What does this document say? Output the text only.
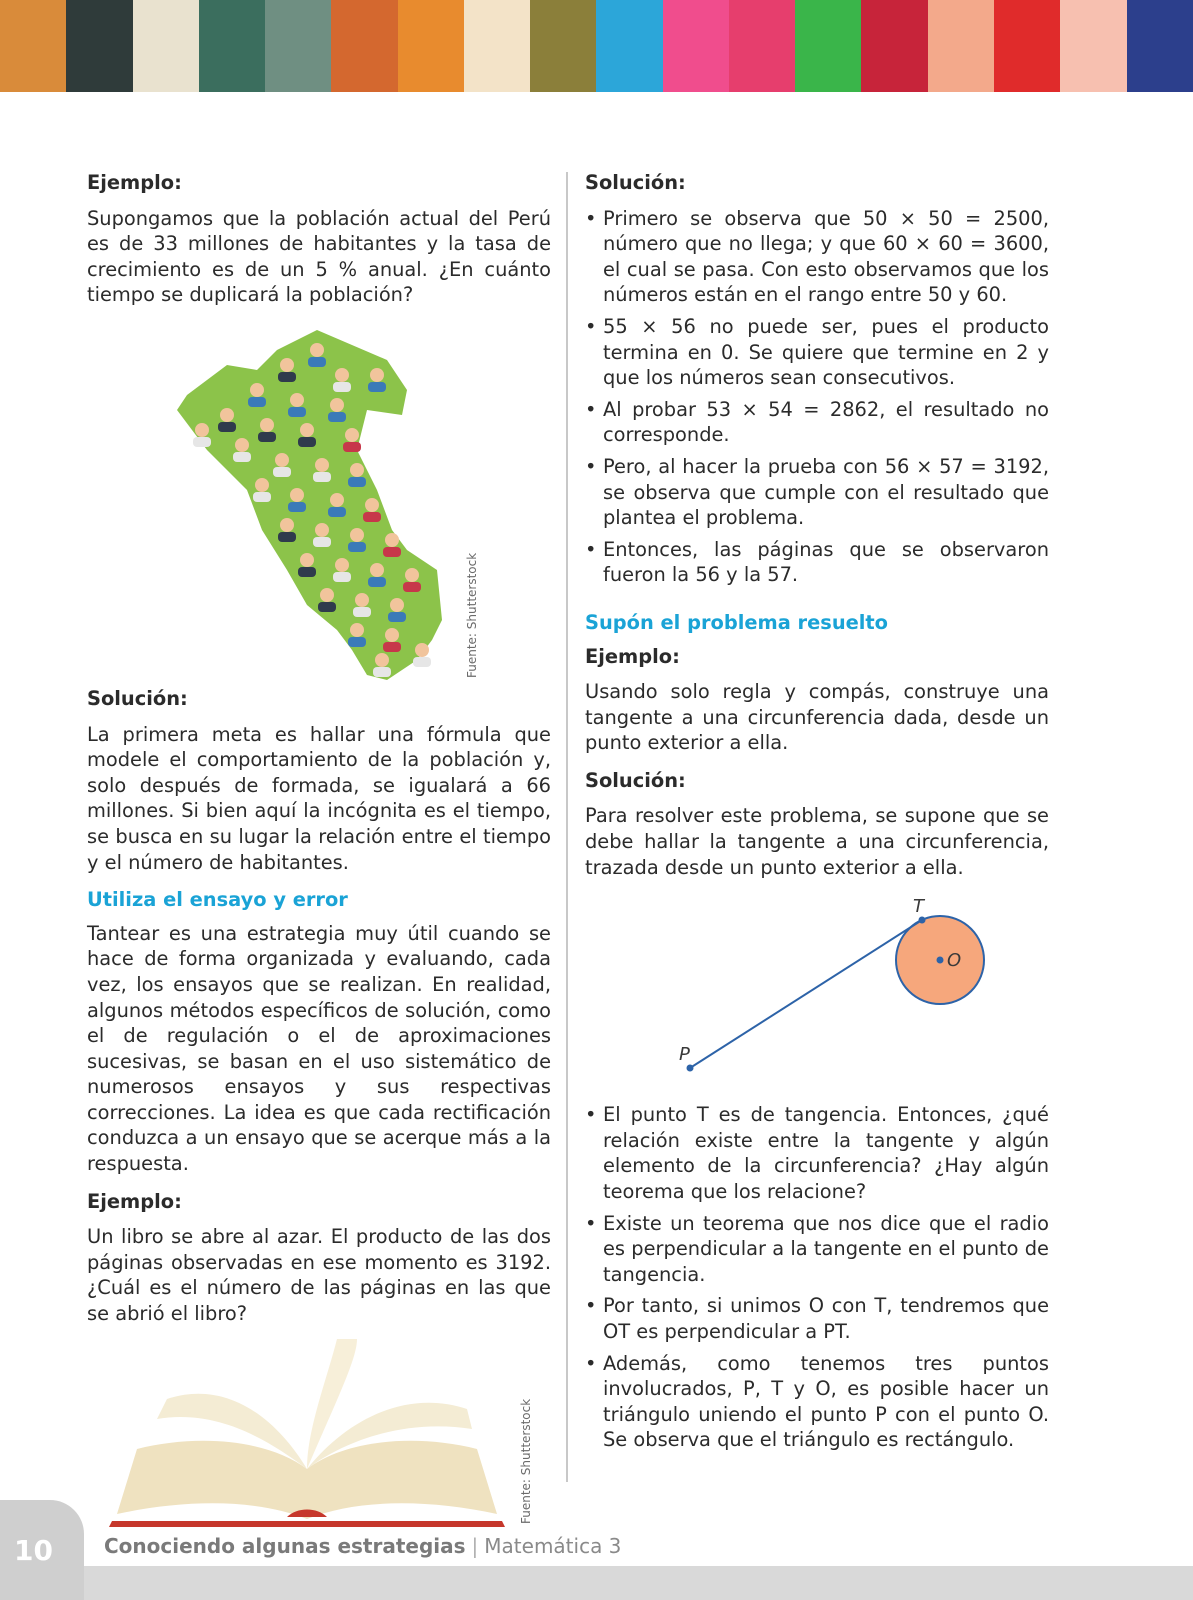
Ejemplo:

Supongamos que la población actual del Perú es de 33 millones de habitantes y la tasa de crecimiento es de un 5 % anual. ¿En cuánto tiempo se duplicará la población?

Fuente: Shutterstock
Solución:

La primera meta es hallar una fórmula que modele el comportamiento de la población y, solo después de formada, se igualará a 66 millones. Si bien aquí la incógnita es el tiempo, se busca en su lugar la relación entre el tiempo y el número de habitantes.

Utiliza el ensayo y error

Tantear es una estrategia muy útil cuando se hace de forma organizada y evaluando, cada vez, los ensayos que se realizan. En realidad, algunos métodos específicos de solución, como el de regulación o el de aproximaciones sucesivas, se basan en el uso sistemático de numerosos ensayos y sus respectivas correcciones. La idea es que cada rectificación conduzca a un ensayo que se acerque más a la respuesta.

Ejemplo:

Un libro se abre al azar. El producto de las dos páginas observadas en ese momento es 3192. ¿Cuál es el número de las páginas en las que se abrió el libro?

Fuente: Shutterstock
Solución:
• Primero se observa que 50 × 50 = 2500, número que no llega; y que 60 × 60 = 3600, el cual se pasa. Con esto observamos que los números están en el rango entre 50 y 60.
• 55 × 56 no puede ser, pues el producto termina en 0. Se quiere que termine en 2 y que los números sean consecutivos.
• Al probar 53 × 54 = 2862, el resultado no corresponde.
• Pero, al hacer la prueba con 56 × 57 = 3192, se observa que cumple con el resultado que plantea el problema.
• Entonces, las páginas que se observaron fueron la 56 y la 57.
Supón el problema resuelto
Ejemplo:

Usando solo regla y compás, construye una tangente a una circunferencia dada, desde un punto exterior a ella.

Solución:

Para resolver este problema, se supone que se debe hallar la tangente a una circunferencia, trazada desde un punto exterior a ella.

T
O
P
• El punto T es de tangencia. Entonces, ¿qué relación existe entre la tangente y algún elemento de la circunferencia? ¿Hay algún teorema que los relacione?
• Existe un teorema que nos dice que el radio es perpendicular a la tangente en el punto de tangencia.
• Por tanto, si unimos O con T, tendremos que OT es perpendicular a PT.
• Además, como tenemos tres puntos involucrados, P, T y O, es posible hacer un triángulo uniendo el punto P con el punto O. Se observa que el triángulo es rectángulo.
10	Conociendo algunas estrategias | Matemática 3
